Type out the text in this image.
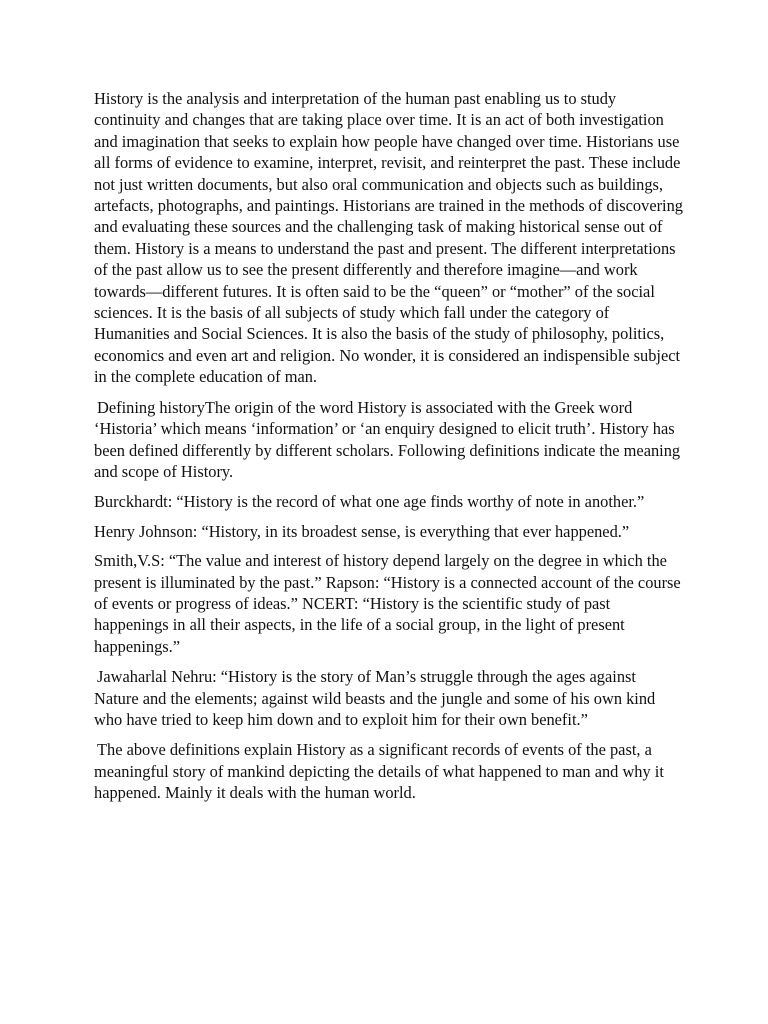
History is the analysis and interpretation of the human past enabling us to study continuity and changes that are taking place over time. It is an act of both investigation and imagination that seeks to explain how people have changed over time. Historians use all forms of evidence to examine, interpret, revisit, and reinterpret the past. These include not just written documents, but also oral communication and objects such as buildings, artefacts, photographs, and paintings. Historians are trained in the methods of discovering and evaluating these sources and the challenging task of making historical sense out of them. History is a means to understand the past and present. The different interpretations of the past allow us to see the present differently and therefore imagine—and work towards—different futures. It is often said to be the “queen” or “mother” of the social sciences. It is the basis of all subjects of study which fall under the category of Humanities and Social Sciences. It is also the basis of the study of philosophy, politics, economics and even art and religion. No wonder, it is considered an indispensible subject in the complete education of man.

Defining historyThe origin of the word History is associated with the Greek word ‘Historia’ which means ‘information’ or ‘an enquiry designed to elicit truth’. History has been defined differently by different scholars. Following definitions indicate the meaning and scope of History.

Burckhardt: “History is the record of what one age finds worthy of note in another.”

Henry Johnson: “History, in its broadest sense, is everything that ever happened.”

Smith,V.S: “The value and interest of history depend largely on the degree in which the present is illuminated by the past.” Rapson: “History is a connected account of the course of events or progress of ideas.” NCERT: “History is the scientific study of past happenings in all their aspects, in the life of a social group, in the light of present happenings.”

Jawaharlal Nehru: “History is the story of Man’s struggle through the ages against Nature and the elements; against wild beasts and the jungle and some of his own kind who have tried to keep him down and to exploit him for their own benefit.”

The above definitions explain History as a significant records of events of the past, a meaningful story of mankind depicting the details of what happened to man and why it happened. Mainly it deals with the human world.
